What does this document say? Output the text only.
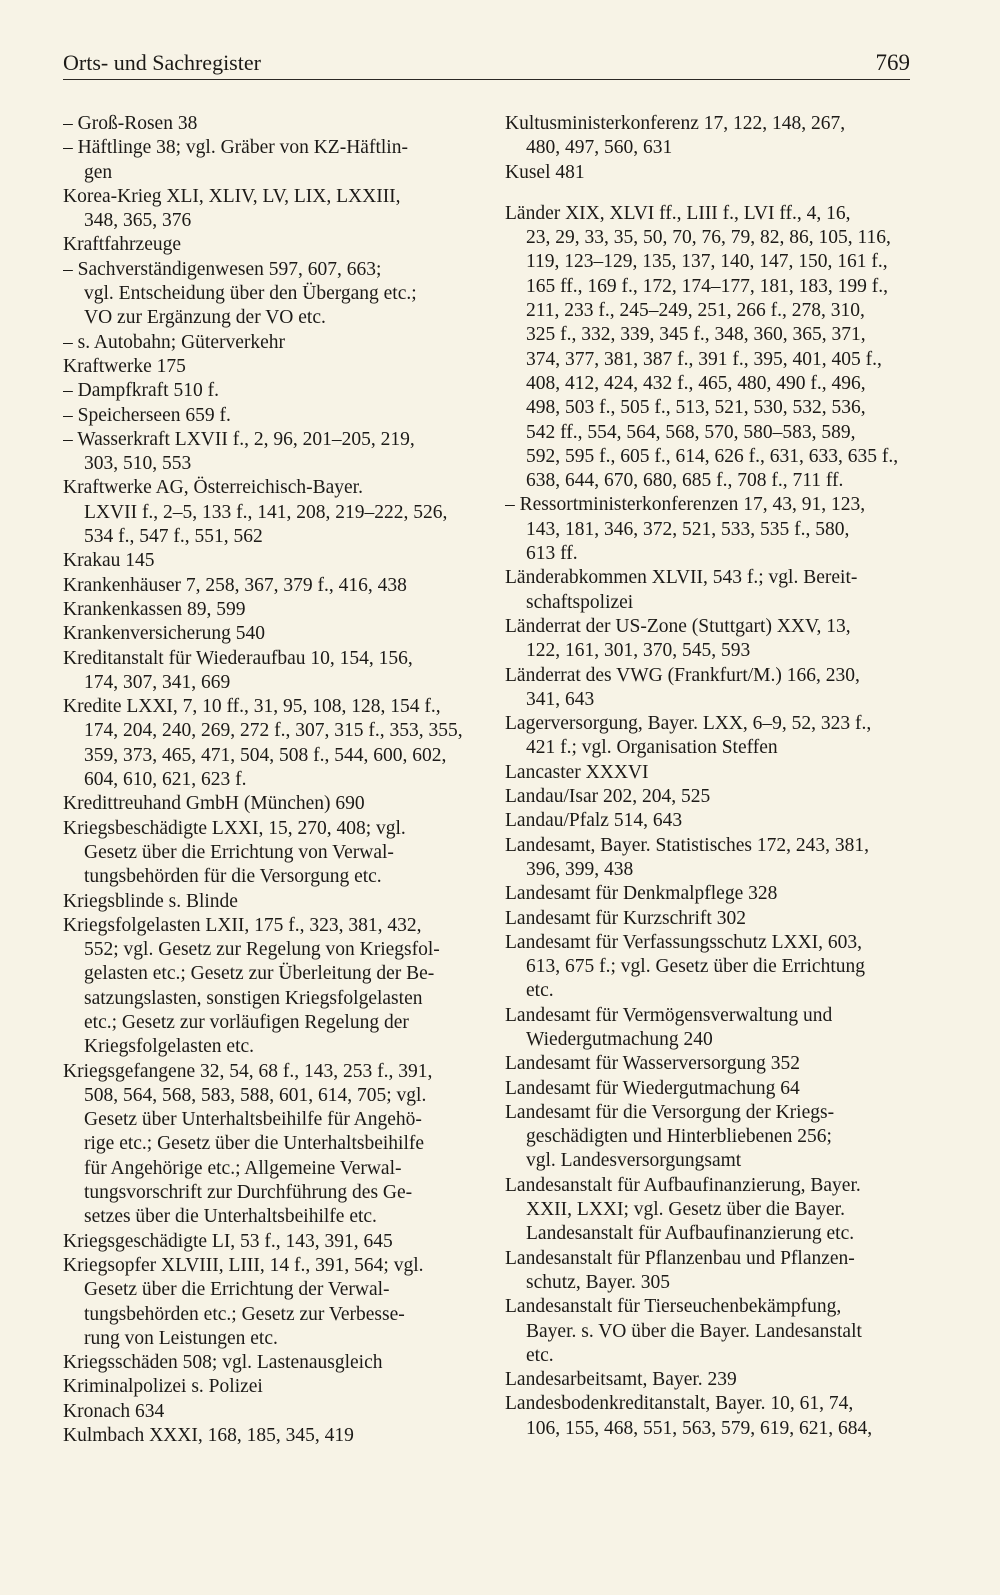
Orts- und Sachregister	769
– Groß-Rosen 38
– Häftlinge 38; vgl. Gräber von KZ-Häftlin-
gen
Korea-Krieg XLI, XLIV, LV, LIX, LXXIII,
348, 365, 376
Kraftfahrzeuge
– Sachverständigenwesen 597, 607, 663;
vgl. Entscheidung über den Übergang etc.;
VO zur Ergänzung der VO etc.
– s. Autobahn; Güterverkehr
Kraftwerke 175
– Dampfkraft 510 f.
– Speicherseen 659 f.
– Wasserkraft LXVII f., 2, 96, 201–205, 219,
303, 510, 553
Kraftwerke AG, Österreichisch-Bayer.
LXVII f., 2–5, 133 f., 141, 208, 219–222, 526,
534 f., 547 f., 551, 562
Krakau 145
Krankenhäuser 7, 258, 367, 379 f., 416, 438
Krankenkassen 89, 599
Krankenversicherung 540
Kreditanstalt für Wiederaufbau 10, 154, 156,
174, 307, 341, 669
Kredite LXXI, 7, 10 ff., 31, 95, 108, 128, 154 f.,
174, 204, 240, 269, 272 f., 307, 315 f., 353, 355,
359, 373, 465, 471, 504, 508 f., 544, 600, 602,
604, 610, 621, 623 f.
Kredittreuhand GmbH (München) 690
Kriegsbeschädigte LXXI, 15, 270, 408; vgl.
Gesetz über die Errichtung von Verwal-
tungsbehörden für die Versorgung etc.
Kriegsblinde s. Blinde
Kriegsfolgelasten LXII, 175 f., 323, 381, 432,
552; vgl. Gesetz zur Regelung von Kriegsfol-
gelasten etc.; Gesetz zur Überleitung der Be-
satzungslasten, sonstigen Kriegsfolgelasten
etc.; Gesetz zur vorläufigen Regelung der
Kriegsfolgelasten etc.
Kriegsgefangene 32, 54, 68 f., 143, 253 f., 391,
508, 564, 568, 583, 588, 601, 614, 705; vgl.
Gesetz über Unterhaltsbeihilfe für Angehö-
rige etc.; Gesetz über die Unterhaltsbeihilfe
für Angehörige etc.; Allgemeine Verwal-
tungsvorschrift zur Durchführung des Ge-
setzes über die Unterhaltsbeihilfe etc.
Kriegsgeschädigte LI, 53 f., 143, 391, 645
Kriegsopfer XLVIII, LIII, 14 f., 391, 564; vgl.
Gesetz über die Errichtung der Verwal-
tungsbehörden etc.; Gesetz zur Verbesse-
rung von Leistungen etc.
Kriegsschäden 508; vgl. Lastenausgleich
Kriminalpolizei s. Polizei
Kronach 634
Kulmbach XXXI, 168, 185, 345, 419
Kultusministerkonferenz 17, 122, 148, 267,
480, 497, 560, 631
Kusel 481
Länder XIX, XLVI ff., LIII f., LVI ff., 4, 16,
23, 29, 33, 35, 50, 70, 76, 79, 82, 86, 105, 116,
119, 123–129, 135, 137, 140, 147, 150, 161 f.,
165 ff., 169 f., 172, 174–177, 181, 183, 199 f.,
211, 233 f., 245–249, 251, 266 f., 278, 310,
325 f., 332, 339, 345 f., 348, 360, 365, 371,
374, 377, 381, 387 f., 391 f., 395, 401, 405 f.,
408, 412, 424, 432 f., 465, 480, 490 f., 496,
498, 503 f., 505 f., 513, 521, 530, 532, 536,
542 ff., 554, 564, 568, 570, 580–583, 589,
592, 595 f., 605 f., 614, 626 f., 631, 633, 635 f.,
638, 644, 670, 680, 685 f., 708 f., 711 ff.
– Ressortministerkonferenzen 17, 43, 91, 123,
143, 181, 346, 372, 521, 533, 535 f., 580,
613 ff.
Länderabkommen XLVII, 543 f.; vgl. Bereit-
schaftspolizei
Länderrat der US-Zone (Stuttgart) XXV, 13,
122, 161, 301, 370, 545, 593
Länderrat des VWG (Frankfurt/M.) 166, 230,
341, 643
Lagerversorgung, Bayer. LXX, 6–9, 52, 323 f.,
421 f.; vgl. Organisation Steffen
Lancaster XXXVI
Landau/Isar 202, 204, 525
Landau/Pfalz 514, 643
Landesamt, Bayer. Statistisches 172, 243, 381,
396, 399, 438
Landesamt für Denkmalpflege 328
Landesamt für Kurzschrift 302
Landesamt für Verfassungsschutz LXXI, 603,
613, 675 f.; vgl. Gesetz über die Errichtung
etc.
Landesamt für Vermögensverwaltung und
Wiedergutmachung 240
Landesamt für Wasserversorgung 352
Landesamt für Wiedergutmachung 64
Landesamt für die Versorgung der Kriegs-
geschädigten und Hinterbliebenen 256;
vgl. Landesversorgungsamt
Landesanstalt für Aufbaufinanzierung, Bayer.
XXII, LXXI; vgl. Gesetz über die Bayer.
Landesanstalt für Aufbaufinanzierung etc.
Landesanstalt für Pflanzenbau und Pflanzen-
schutz, Bayer. 305
Landesanstalt für Tierseuchenbekämpfung,
Bayer. s. VO über die Bayer. Landesanstalt
etc.
Landesarbeitsamt, Bayer. 239
Landesbodenkreditanstalt, Bayer. 10, 61, 74,
106, 155, 468, 551, 563, 579, 619, 621, 684,
